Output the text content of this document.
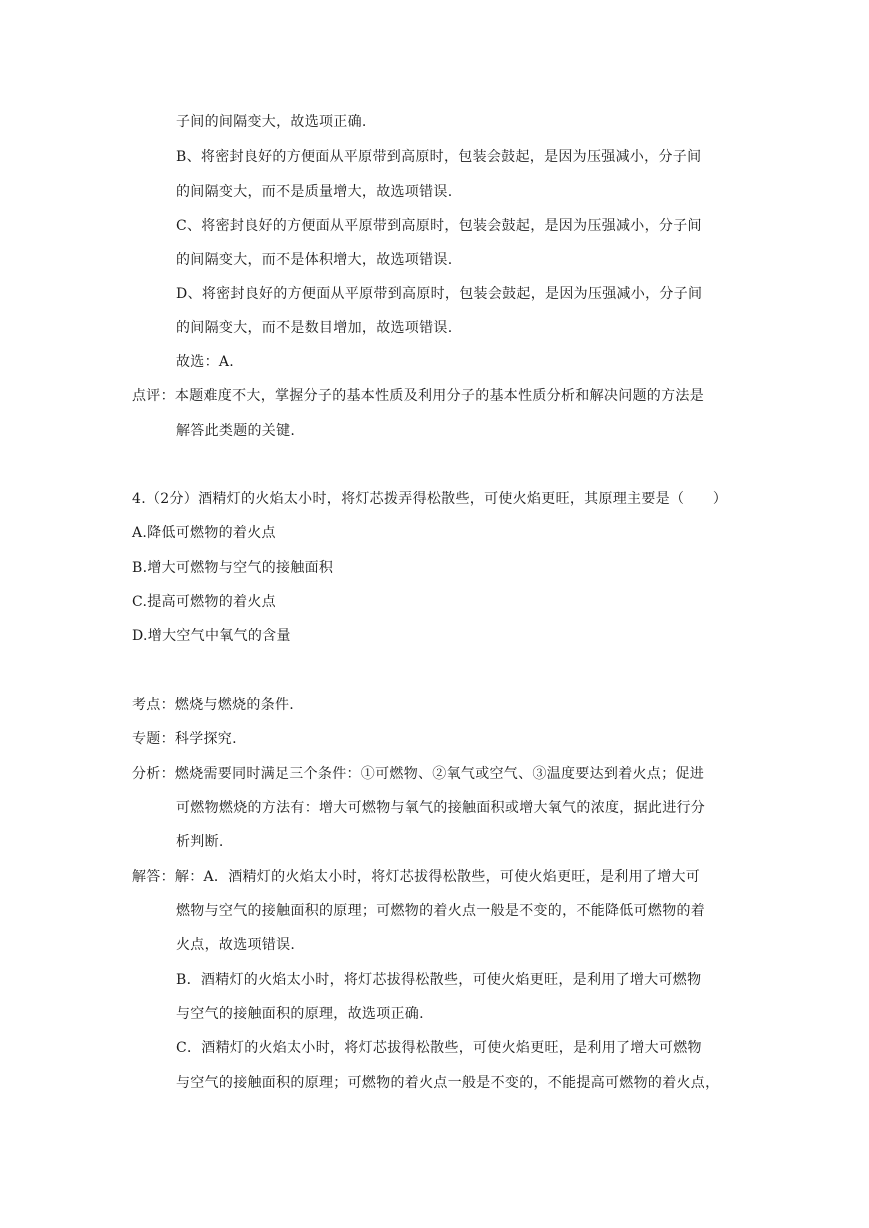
子间的间隔变大，故选项正确.
B、将密封良好的方便面从平原带到高原时，包装会鼓起，是因为压强减小，分子间
的间隔变大，而不是质量增大，故选项错误.
C、将密封良好的方便面从平原带到高原时，包装会鼓起，是因为压强减小，分子间
的间隔变大，而不是体积增大，故选项错误.
D、将密封良好的方便面从平原带到高原时，包装会鼓起，是因为压强减小，分子间
的间隔变大，而不是数目增加，故选项错误.
故选：A.
点评：本题难度不大，掌握分子的基本性质及利用分子的基本性质分析和解决问题的方法是
解答此类题的关键.
4.（2分）酒精灯的火焰太小时，将灯芯拨弄得松散些，可使火焰更旺，其原理主要是（　　）
A.降低可燃物的着火点
B.增大可燃物与空气的接触面积
C.提高可燃物的着火点
D.增大空气中氧气的含量
考点：燃烧与燃烧的条件.
专题：科学探究.
分析：燃烧需要同时满足三个条件：①可燃物、②氧气或空气、③温度要达到着火点；促进
可燃物燃烧的方法有：增大可燃物与氧气的接触面积或增大氧气的浓度，据此进行分
析判断.
解答：解：A．酒精灯的火焰太小时，将灯芯拔得松散些，可使火焰更旺，是利用了增大可
燃物与空气的接触面积的原理；可燃物的着火点一般是不变的，不能降低可燃物的着
火点，故选项错误.
B．酒精灯的火焰太小时，将灯芯拔得松散些，可使火焰更旺，是利用了增大可燃物
与空气的接触面积的原理，故选项正确.
C．酒精灯的火焰太小时，将灯芯拔得松散些，可使火焰更旺，是利用了增大可燃物
与空气的接触面积的原理；可燃物的着火点一般是不变的，不能提高可燃物的着火点，
